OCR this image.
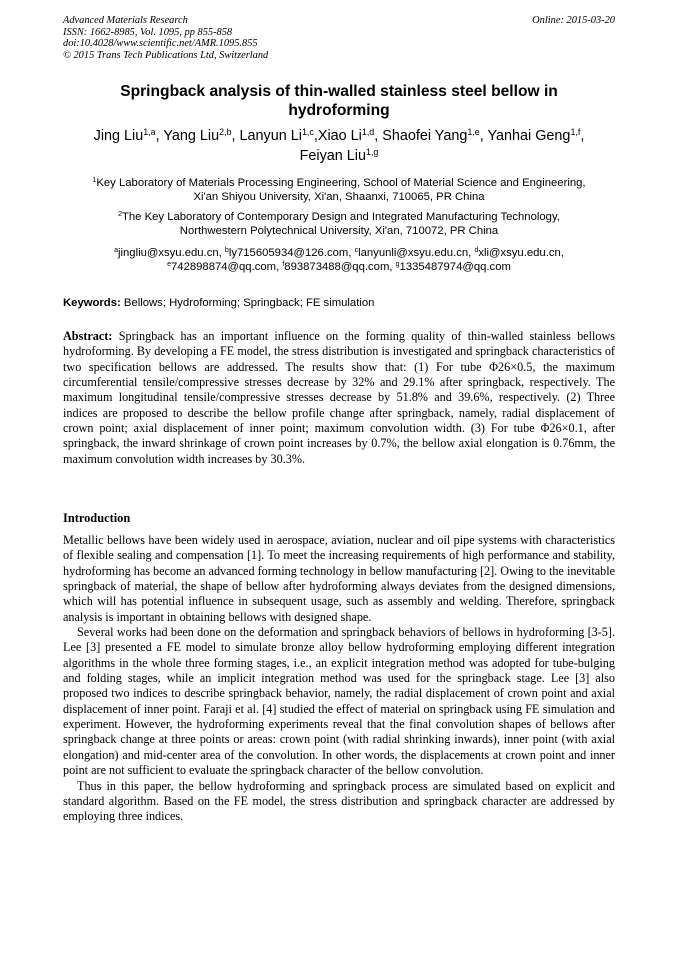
Advanced Materials Research
ISSN: 1662-8985, Vol. 1095, pp 855-858
doi:10.4028/www.scientific.net/AMR.1095.855
© 2015 Trans Tech Publications Ltd, Switzerland
Online: 2015-03-20
Springback analysis of thin-walled stainless steel bellow in hydroforming
Jing Liu$^{1,a}$, Yang Liu$^{2,b}$, Lanyun Li$^{1,c}$,Xiao Li$^{1,d}$, Shaofei Yang$^{1,e}$, Yanhai Geng$^{1,f}$,
Feiyan Liu$^{1,g}$
$^1$Key Laboratory of Materials Processing Engineering, School of Material Science and Engineering,
Xi'an Shiyou University, Xi'an, Shaanxi, 710065, PR China
$^2$The Key Laboratory of Contemporary Design and Integrated Manufacturing Technology,
Northwestern Polytechnical University, Xi'an, 710072, PR China
$^a$jingliu@xsyu.edu.cn, $^b$ly715605934@126.com, $^c$lanyunli@xsyu.edu.cn, $^d$xli@xsyu.edu.cn,
$^e$742898874@qq.com, $^f$893873488@qq.com, $^g$1335487974@qq.com
Keywords: Bellows; Hydroforming; Springback; FE simulation
Abstract: Springback has an important influence on the forming quality of thin-walled stainless bellows hydroforming. By developing a FE model, the stress distribution is investigated and springback characteristics of two specification bellows are addressed. The results show that: (1) For tube Φ26×0.5, the maximum circumferential tensile/compressive stresses decrease by 32% and 29.1% after springback, respectively. The maximum longitudinal tensile/compressive stresses decrease by 51.8% and 39.6%, respectively. (2) Three indices are proposed to describe the bellow profile change after springback, namely, radial displacement of crown point; axial displacement of inner point; maximum convolution width. (3) For tube Φ26×0.1, after springback, the inward shrinkage of crown point increases by 0.7%, the bellow axial elongation is 0.76mm, the maximum convolution width increases by 30.3%.
Introduction

Metallic bellows have been widely used in aerospace, aviation, nuclear and oil pipe systems with characteristics of flexible sealing and compensation [1]. To meet the increasing requirements of high performance and stability, hydroforming has become an advanced forming technology in bellow manufacturing [2]. Owing to the inevitable springback of material, the shape of bellow after hydroforming always deviates from the designed dimensions, which will has potential influence in subsequent usage, such as assembly and welding. Therefore, springback analysis is important in obtaining bellows with designed shape.

Several works had been done on the deformation and springback behaviors of bellows in hydroforming [3-5]. Lee [3] presented a FE model to simulate bronze alloy bellow hydroforming employing different integration algorithms in the whole three forming stages, i.e., an explicit integration method was adopted for tube-bulging and folding stages, while an implicit integration method was used for the springback stage. Lee [3] also proposed two indices to describe springback behavior, namely, the radial displacement of crown point and axial displacement of inner point. Faraji et al. [4] studied the effect of material on springback using FE simulation and experiment. However, the hydroforming experiments reveal that the final convolution shapes of bellows after springback change at three points or areas: crown point (with radial shrinking inwards), inner point (with axial elongation) and mid-center area of the convolution. In other words, the displacements at crown point and inner point are not sufficient to evaluate the springback character of the bellow convolution.

Thus in this paper, the bellow hydroforming and springback process are simulated based on explicit and standard algorithm. Based on the FE model, the stress distribution and springback character are addressed by employing three indices.
